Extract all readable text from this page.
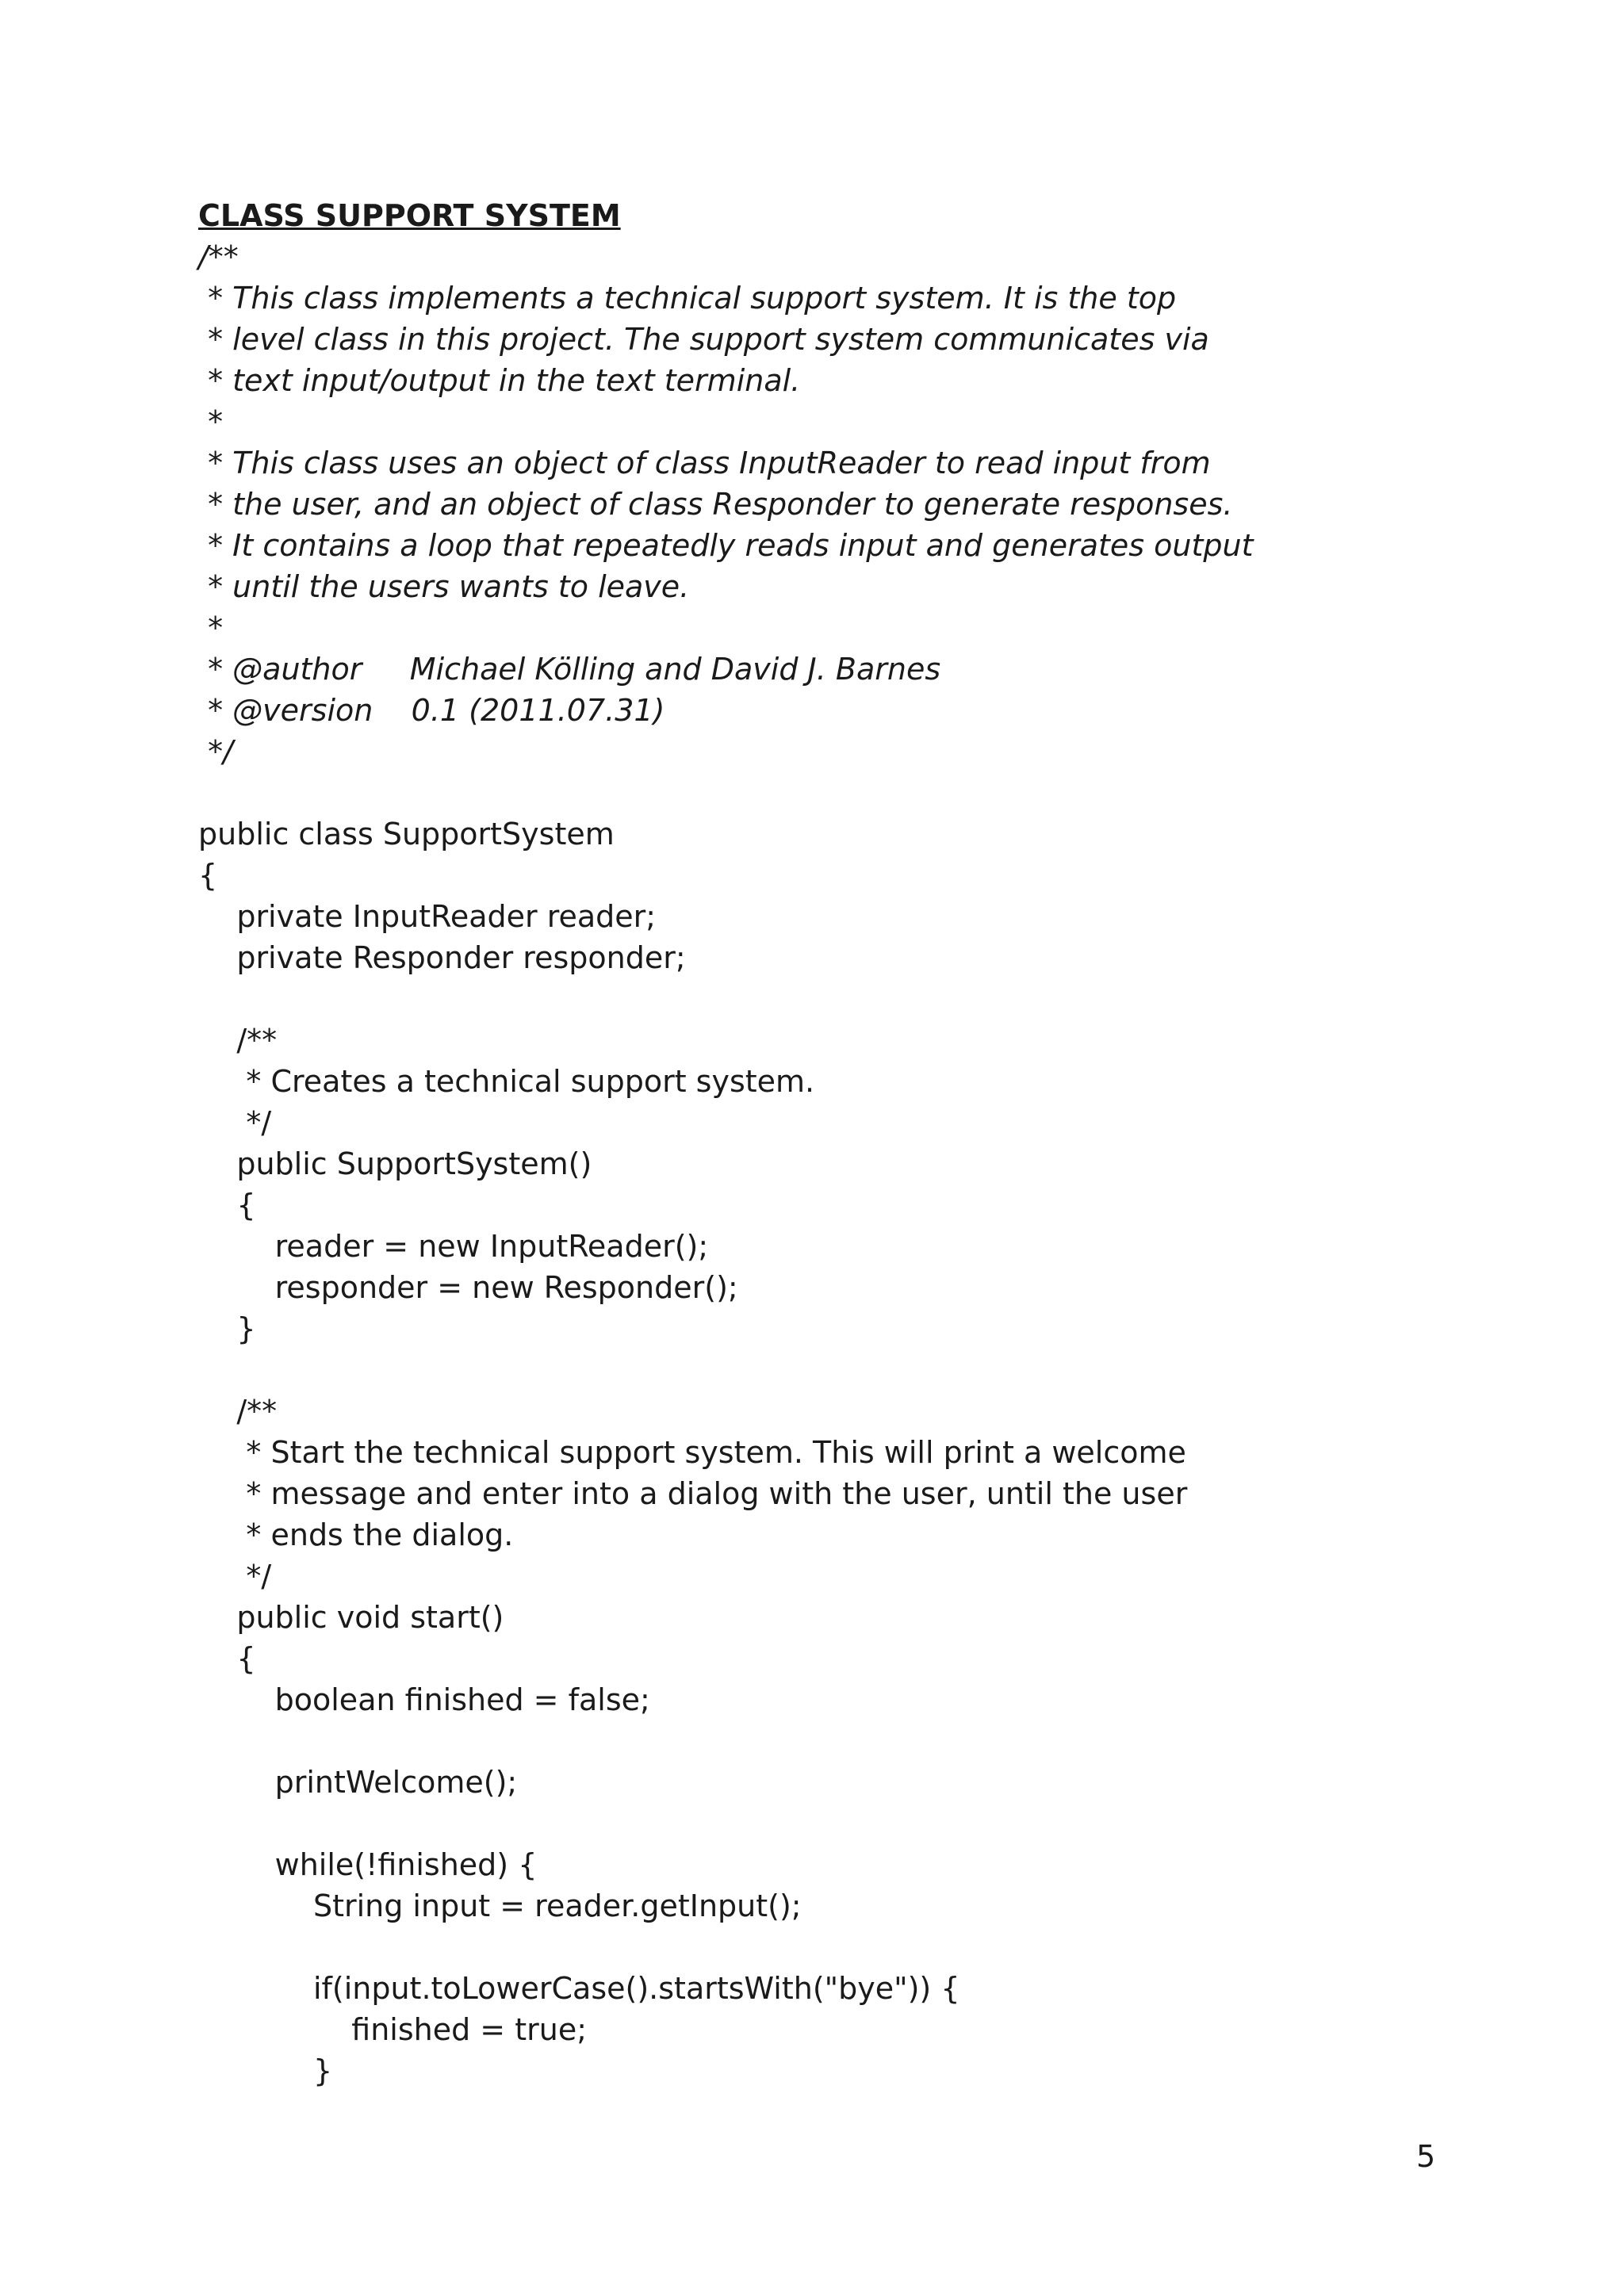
CLASS SUPPORT SYSTEM
/**
* This class implements a technical support system. It is the top
* level class in this project. The support system communicates via
* text input/output in the text terminal.
*
* This class uses an object of class InputReader to read input from
* the user, and an object of class Responder to generate responses.
* It contains a loop that repeatedly reads input and generates output
* until the users wants to leave.
*
* @author     Michael Kölling and David J. Barnes
* @version    0.1 (2011.07.31)
*/
public class SupportSystem
{
private InputReader reader;
private Responder responder;
/**
* Creates a technical support system.
*/
public SupportSystem()
{
reader = new InputReader();
responder = new Responder();
}
/**
* Start the technical support system. This will print a welcome
* message and enter into a dialog with the user, until the user
* ends the dialog.
*/
public void start()
{
boolean finished = false;
printWelcome();
while(!finished) {
String input = reader.getInput();
if(input.toLowerCase().startsWith("bye")) {
finished = true;
}
5
